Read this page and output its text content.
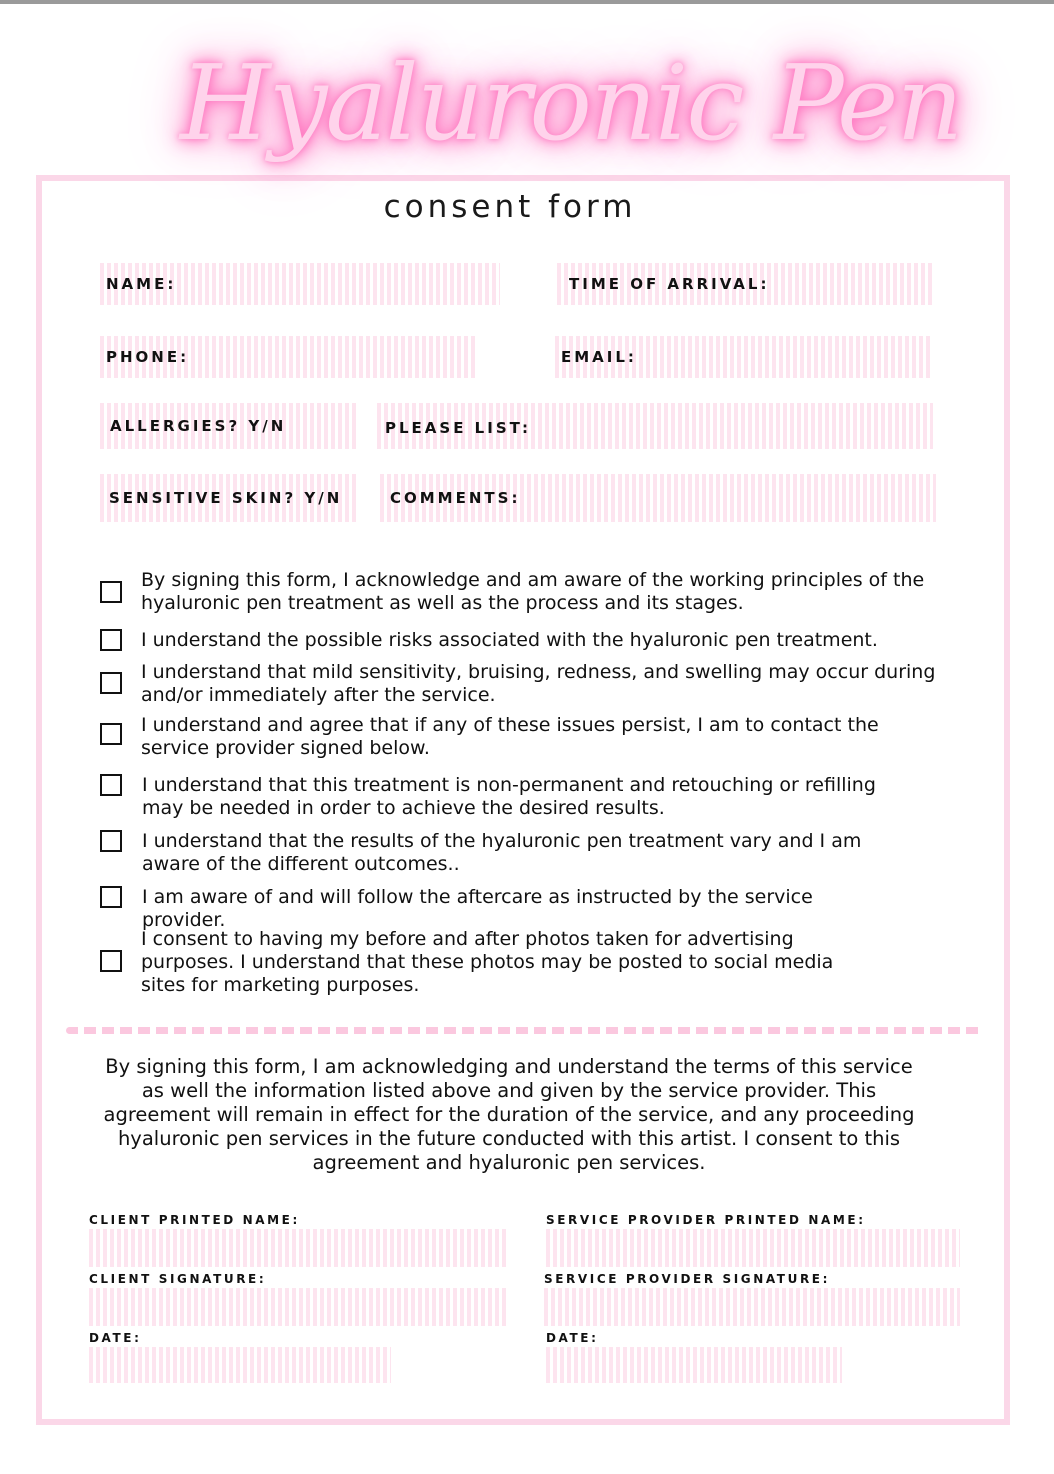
Hyaluronic Pen
consent form
NAME:	TIME OF ARRIVAL:
PHONE:	EMAIL:
ALLERGIES? Y/N	PLEASE LIST:
SENSITIVE SKIN? Y/N	COMMENTS:
By signing this form, I acknowledge and am aware of the working principles of the hyaluronic pen treatment as well as the process and its stages.
I understand the possible risks associated with the hyaluronic pen treatment.
I understand that mild sensitivity, bruising, redness, and swelling may occur during and/or immediately after the service.
I understand and agree that if any of these issues persist, I am to contact the service provider signed below.
I understand that this treatment is non-permanent and retouching or refilling may be needed in order to achieve the desired results.
I understand that the results of the hyaluronic pen treatment vary and I am aware of the different outcomes..
I am aware of and will follow the aftercare as instructed by the service provider.
I consent to having my before and after photos taken for advertising purposes. I understand that these photos may be posted to social media sites for marketing purposes.
By signing this form, I am acknowledging and understand the terms of this service as well the information listed above and given by the service provider. This agreement will remain in effect for the duration of the service, and any proceeding hyaluronic pen services in the future conducted with this artist. I consent to this agreement and hyaluronic pen services.
CLIENT PRINTED NAME:	SERVICE PROVIDER PRINTED NAME:
CLIENT SIGNATURE:	SERVICE PROVIDER SIGNATURE:
DATE:	DATE:
